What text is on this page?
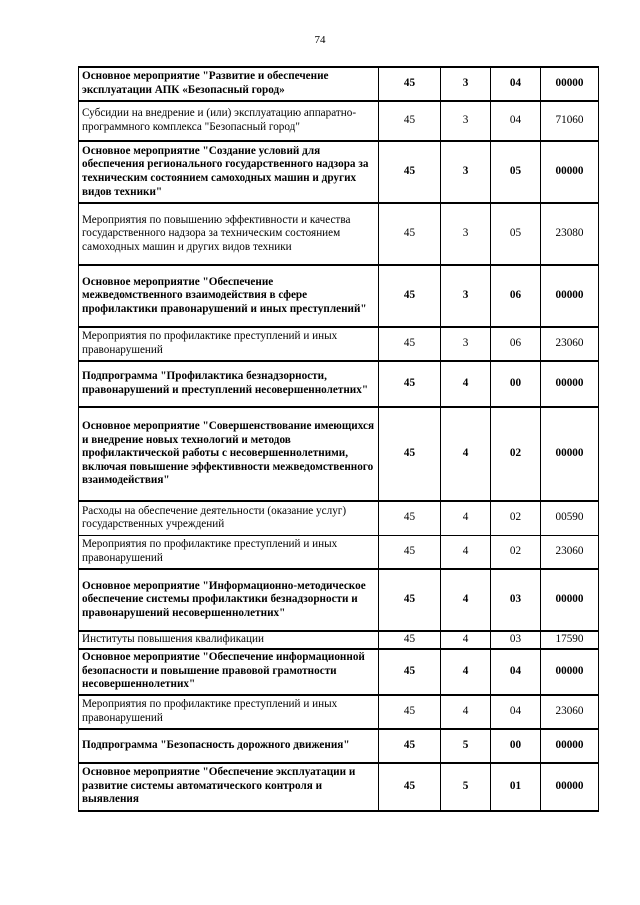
74
Основное мероприятие "Развитие и обеспечение эксплуатации АПК «Безопасный город»	45	3	04	00000
Субсидии на внедрение и (или) эксплуатацию аппаратно-программного комплекса "Безопасный город"	45	3	04	71060
Основное мероприятие "Создание условий для обеспечения регионального государственного надзора за техническим состоянием самоходных машин и других видов техники"	45	3	05	00000
Мероприятия по повышению эффективности и качества государственного надзора за техническим состоянием самоходных машин и других видов техники	45	3	05	23080
Основное мероприятие "Обеспечение межведомственного взаимодействия в сфере профилактики правонарушений и иных преступлений"	45	3	06	00000
Мероприятия по профилактике преступлений и иных правонарушений	45	3	06	23060
Подпрограмма "Профилактика безнадзорности, правонарушений и преступлений несовершеннолетних"	45	4	00	00000
Основное мероприятие "Совершенствование имеющихся и внедрение новых технологий и методов профилактической работы с несовершеннолетними, включая повышение эффективности межведомственного взаимодействия"	45	4	02	00000
Расходы на обеспечение деятельности (оказание услуг) государственных учреждений	45	4	02	00590
Мероприятия по профилактике преступлений и иных правонарушений	45	4	02	23060
Основное мероприятие "Информационно-методическое обеспечение системы профилактики безнадзорности и правонарушений несовершеннолетних"	45	4	03	00000
Институты повышения квалификации	45	4	03	17590
Основное мероприятие "Обеспечение информационной безопасности и повышение правовой грамотности несовершеннолетних"	45	4	04	00000
Мероприятия по профилактике преступлений и иных правонарушений	45	4	04	23060
Подпрограмма "Безопасность дорожного движения"	45	5	00	00000
Основное мероприятие "Обеспечение эксплуатации и развитие системы автоматического контроля и выявления	45	5	01	00000
